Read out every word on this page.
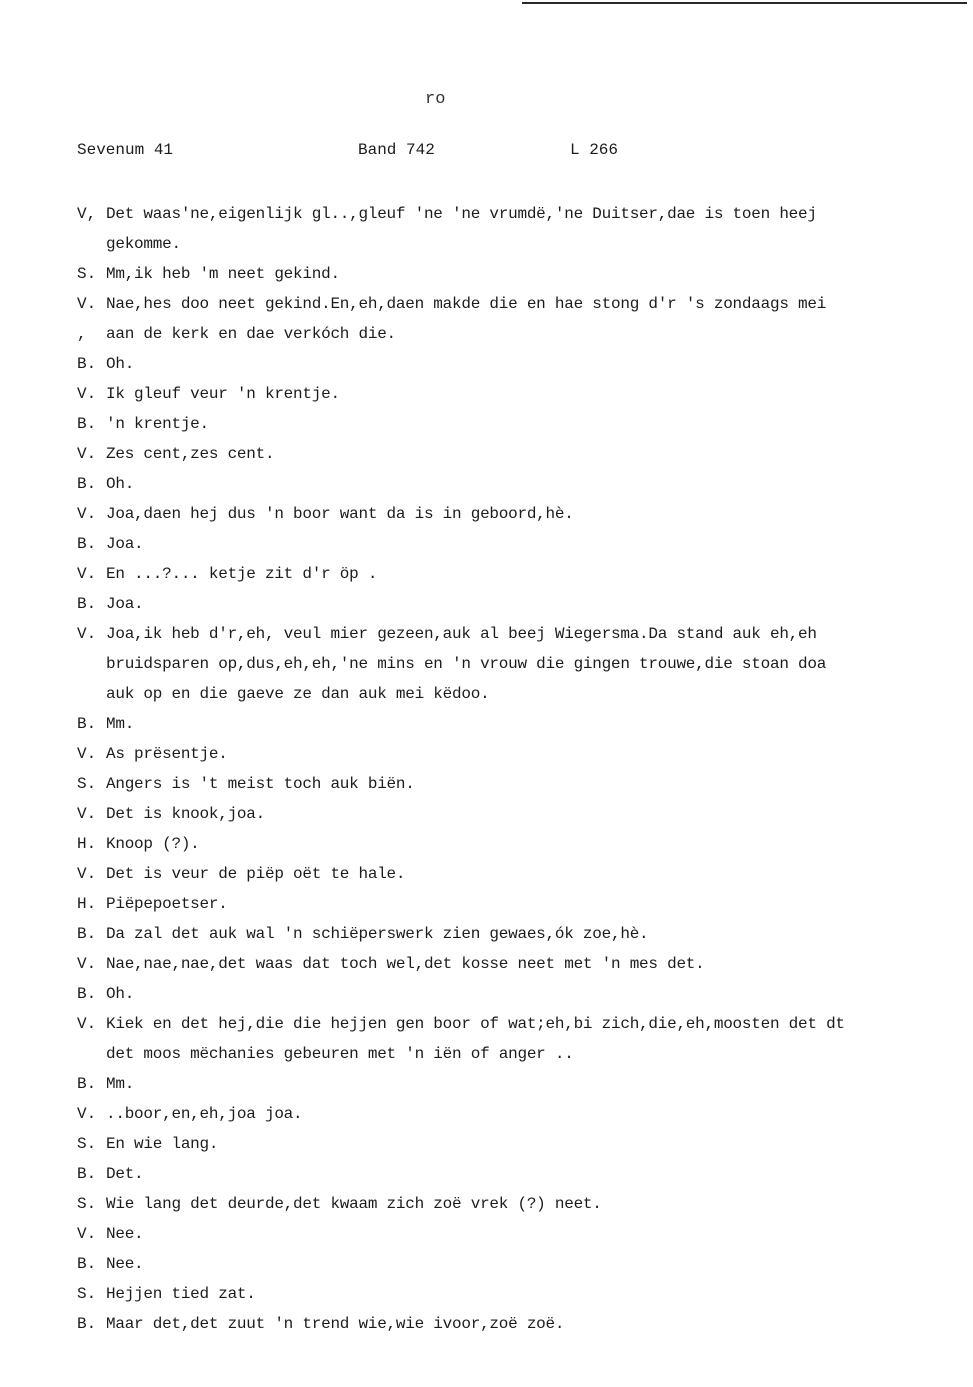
ro
Sevenum 41	Band 742	L 266
V, Det waas'ne,eigenlijk gl..,gleuf 'ne 'ne vrumdë,'ne Duitser,dae is toen heej
gekomme.
S. Mm,ik heb 'm neet gekind.
V. Nae,hes doo neet gekind.En,eh,daen makde die en hae stong d'r 's zondaags mei
,	aan de kerk en dae verkóch die.
B. Oh.
V. Ik gleuf veur 'n krentje.
B. 'n krentje.
V. Zes cent,zes cent.
B. Oh.
V. Joa,daen hej dus 'n boor want da is in geboord,hè.
B. Joa.
V. En ...?... ketje zit d'r öp .
B. Joa.
V. Joa,ik heb d'r,eh, veul mier gezeen,auk al beej Wiegersma.Da stand auk eh,eh
bruidsparen op,dus,eh,eh,'ne mins en 'n vrouw die gingen trouwe,die stoan doa
auk op en die gaeve ze dan auk mei këdoo.
B. Mm.
V. As prësentje.
S. Angers is 't meist toch auk biën.
V. Det is knook,joa.
H. Knoop (?).
V. Det is veur de piëp oët te hale.
H. Piëpepoetser.
B. Da zal det auk wal 'n schiëperswerk zien gewaes,ók zoe,hè.
V. Nae,nae,nae,det waas dat toch wel,det kosse neet met 'n mes det.
B. Oh.
V. Kiek en det hej,die die hejjen gen boor of wat;eh,bi zich,die,eh,moosten det dt
det moos mëchanies gebeuren met 'n iën of anger ..
B. Mm.
V. ..boor,en,eh,joa joa.
S. En wie lang.
B. Det.
S. Wie lang det deurde,det kwaam zich zoë vrek (?) neet.
V. Nee.
B. Nee.
S. Hejjen tied zat.
B. Maar det,det zuut 'n trend wie,wie ivoor,zoë zoë.
